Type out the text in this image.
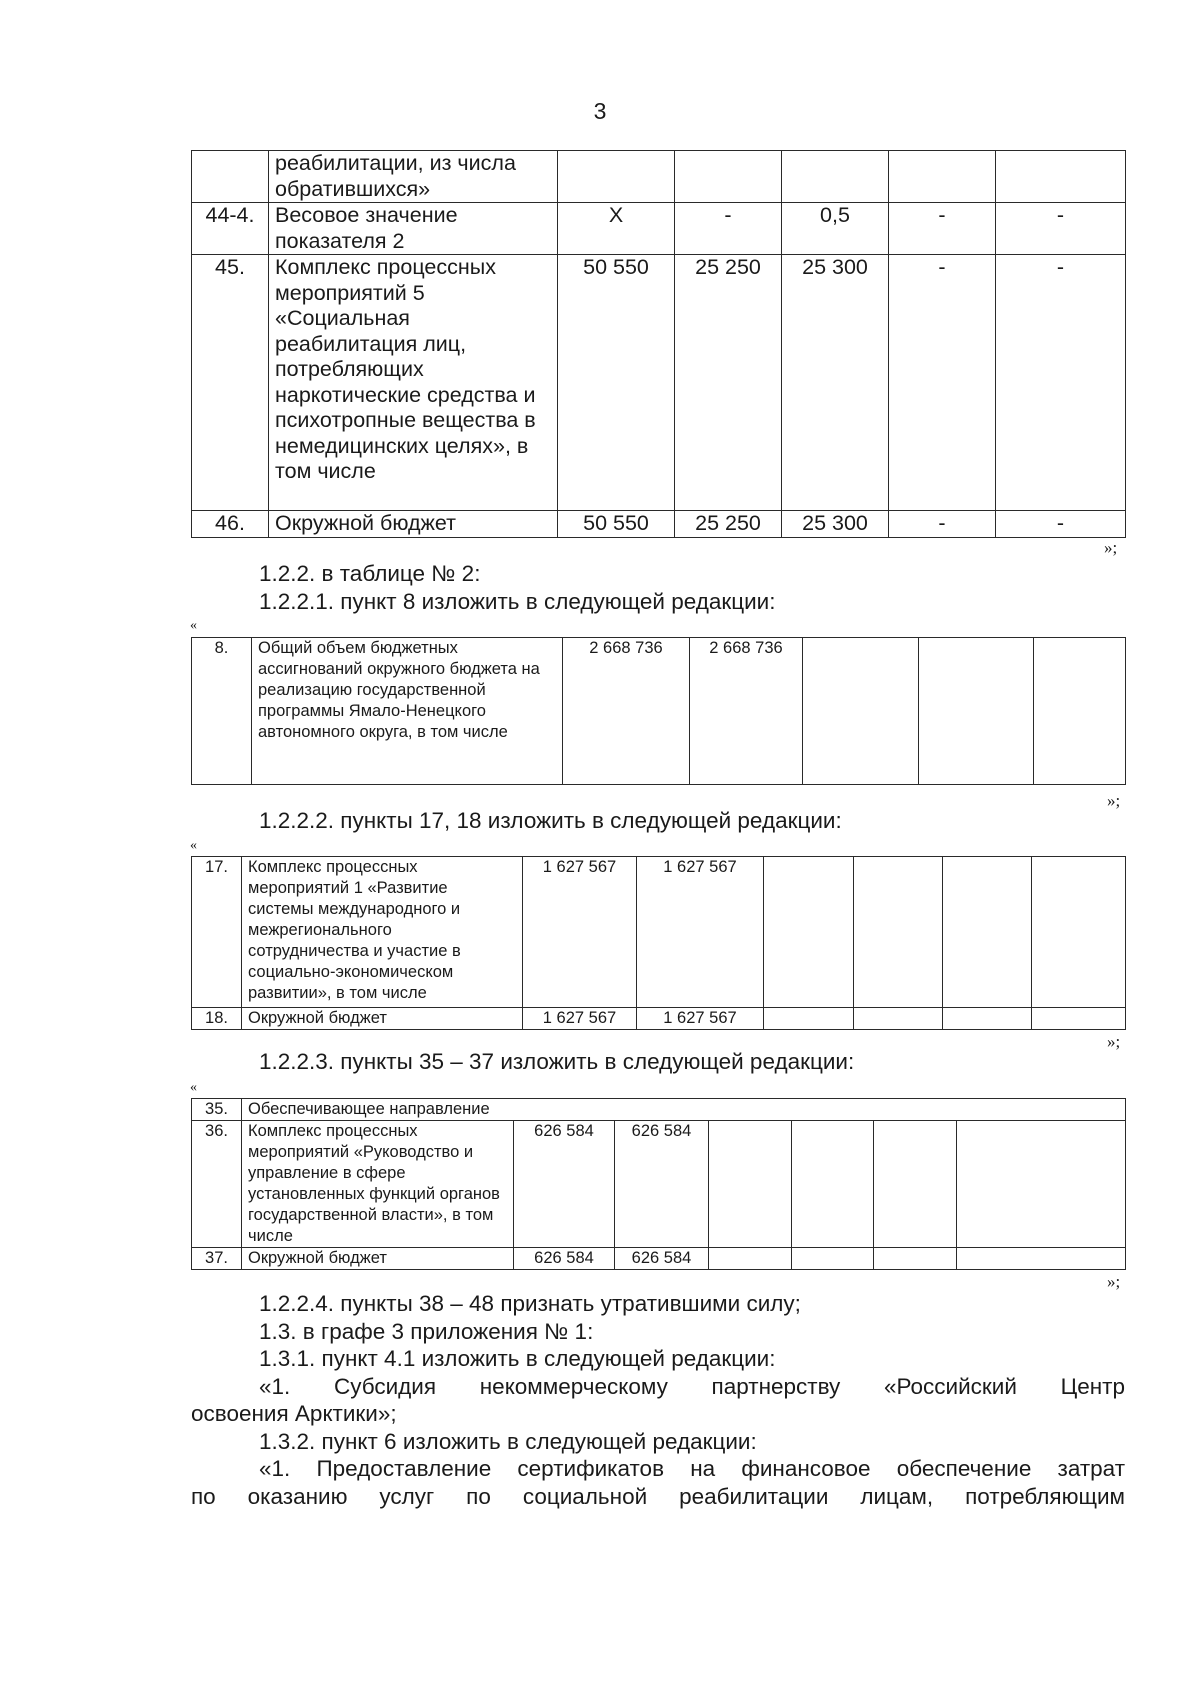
3
	реабилитации, из числа обратившихся»					
44-4.	Весовое значение показателя 2	X	-	0,5	-	-
45.	Комплекс процессных мероприятий 5 «Социальная реабилитация лиц, потребляющих наркотические средства и психотропные вещества в немедицинских целях», в том числе	50 550	25 250	25 300	-	-
46.	Окружной бюджет	50 550	25 250	25 300	-	-
»;
1.2.2. в таблице № 2:
1.2.2.1. пункт 8 изложить в следующей редакции:
«
8.	Общий объем бюджетных ассигнований окружного бюджета на реализацию государственной программы Ямало-Ненецкого автономного округа, в том числе	2 668 736	2 668 736			
»;
1.2.2.2. пункты 17, 18 изложить в следующей редакции:
«
17.	Комплекс процессных мероприятий 1 «Развитие системы международного и межрегионального сотрудничества и участие в социально-экономическом развитии», в том числе	1 627 567	1 627 567				
18.	Окружной бюджет	1 627 567	1 627 567				
»;
1.2.2.3. пункты 35 – 37 изложить в следующей редакции:
«
35.	Обеспечивающее направление						
36.	Комплекс процессных мероприятий «Руководство и управление в сфере установленных функций органов государственной власти», в том числе	626 584	626 584				
37.	Окружной бюджет	626 584	626 584				
»;
1.2.2.4. пункты 38 – 48 признать утратившими силу;
1.3. в графе 3 приложения № 1:
1.3.1. пункт 4.1 изложить в следующей редакции:
«1. Субсидия некоммерческому партнерству «Российский Центр
освоения Арктики»;
1.3.2. пункт 6 изложить в следующей редакции:
«1. Предоставление сертификатов на финансовое обеспечение затрат
по оказанию услуг по социальной реабилитации лицам, потребляющим
